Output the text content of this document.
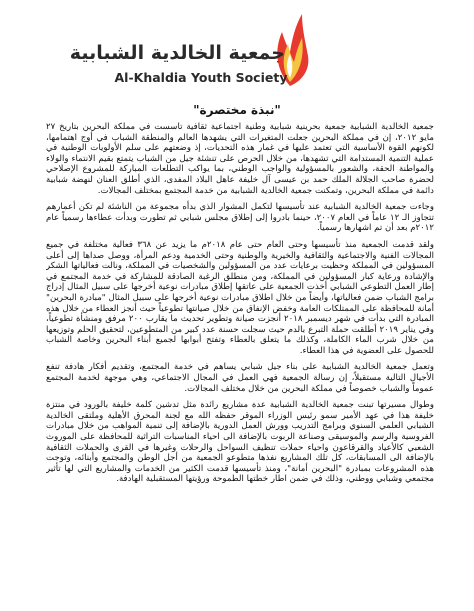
جمعية الخالدية الشبابية
Al-Khaldia Youth Society
"نبذة مختصرة"

جمعية الخالدية الشبابية جمعية بحرينية شبابية وطنية اجتماعية ثقافية تأسست في مملكة البحرين بتاريخ ٢٧ مايو ٢٠١٢، إن في مملكة البحرين جعلت المتغيرات التي يشهدها العالم والمنطقة الشباب في أوج اهتمامها، لكونهم القوة الأساسية التي تعتمد عليها في غمار هذه التحديات، إذ وضعتهم على سلم الأولويات الوطنية في عملية التنمية المستدامة التي تشهدها، من خلال الحرص على تنشئة جيل من الشباب يتمتع بقيم الانتماء والولاء والمواطنة الحقة، والشعور بالمسؤولية والواجب الوطني، بما يواكب التطلعات المباركة للمشروع الإصلاحي لحضرة صاحب الجلالة الملك حمد بن عيسى آل خليفة عاهل البلاد المفدى، الذي أطلق العنان لنهضة شبابية دائمة في مملكة البحرين، وتمكنت جمعية الخالدية الشبابية من خدمة المجتمع بمختلف المجالات.

وجاءت جمعية الخالدية الشبابية عند تأسيسها لتكمل المشوار الذي بدأه مجموعة من الناشئة لم تكن أعمارهم تتجاوز الـ ١٢ عاماً في العام ٢٠٠٧، حينما بادروا إلى إطلاق مجلس شبابي ثم تطورت وبدأت عطاءها رسمياً عام ٢٠١٢م بعد أن تم اشهارها رسمياً.

ولقد قدمت الجمعية منذ تأسيسها وحتى العام حتى عام ٢٠١٨م ما يزيد عن ٣٦٨ فعالية مختلفة في جميع المجالات الفنية والاجتماعية والثقافية والخيرية والوطنية وحتى الخدمية ودعم المرأة، ووصل صداها إلى أعلى المسؤولين في المملكة وحظيت برعايات عدد من المسؤولين والشخصيات في المملكة، ونالت فعالياتها الشكر والإشادة ورعاية كبار المسؤولين في المملكة، ومن منطلق الرغبة الصادقة للمشاركة في خدمة المجتمع في إطار العمل التطوعي الشبابي أخذت الجمعية على عاتقها إطلاق مبادرات نوعية أخرجها على سبيل المثال إدراج برامج الشباب ضمن فعالياتها، وأيضاً من خلال اطلاق مبادرات نوعية أخرجها على سبيل المثال "مبادرة البحرين" أمانة للمحافظة على الممتلكات العامة وخفض الإنفاق من خلال صيانتها تطوعياً حيث أنجز العطاء من خلال هذه المبادرة التي بدأت في شهر ديسمبر ٢٠١٨ أنجزت صيانة وتطوير تحديث ما يقارب ٢٠٠ مرفق ومنشأة تطوعياً، وفي يناير ٢٠١٩ أطلقت حملة التبرع بالدم حيث سجلت حسنة عدد كبير من المتطوعين، لتحقيق الحلم وتوزيعها من خلال شرب الماء الكاملة، وكذلك ما يتعلق بالعطاء وتفتح أبوابها لجميع أبناء البحرين وخاصة الشباب للحصول على العضوية في هذا العطاء.

وتعمل جمعية الخالدية الشبابية على بناء جيل شبابي يساهم في خدمة المجتمع، وتقديم أفكار هادفة تنفع الأجيال التالية مستقبلاً، إن رسالة الجمعية فهي العمل في المجال الاجتماعي، وهي موجهة لخدمة المجتمع عموماً والشباب خصوصاً في مملكة البحرين من خلال مختلف المجالات.

وطوال مسيرتها تبنت جمعية الخالدية الشبابية عدة مشاريع رائدة مثل تدشين كلمة خليفة بالورود في منتزة خليفة هذا في عهد الأمير سمو رئيس الوزراء الموقر حفظه الله مع لجنة المحرق الأهلية وملتقى الخالدية الشبابي العلمي السنوي وبرامج التدريب وورش العمل الدورية بالإضافة إلى تنمية المواهب من خلال مبادرات الفروسية والرسم والموسيقى وصناعة الربوت بالإضافة الى احياء المناسبات التراثية للمحافظة على الموروث الشعبي كالأعياد والقرقاعون واحياء حملات تنظيف السواحل والرحلات وغيرها في القرى والحملات الثقافية بالإضافة الى المسابقات، كل تلك المشاريع نفذها متطوعو الجمعية من أجل الوطن والمجتمع وأبنائه، وتوجت هذه المشروعات بمبادرة "البحرين أمانة"، ومنذ تأسيسها قدمت الكثير من الخدمات والمشاريع التي لها تأثير مجتمعي وشبابي ووطني، وذلك في ضمن اطار خطتها الطموحة ورؤيتها المستقبلية الهادفة.
